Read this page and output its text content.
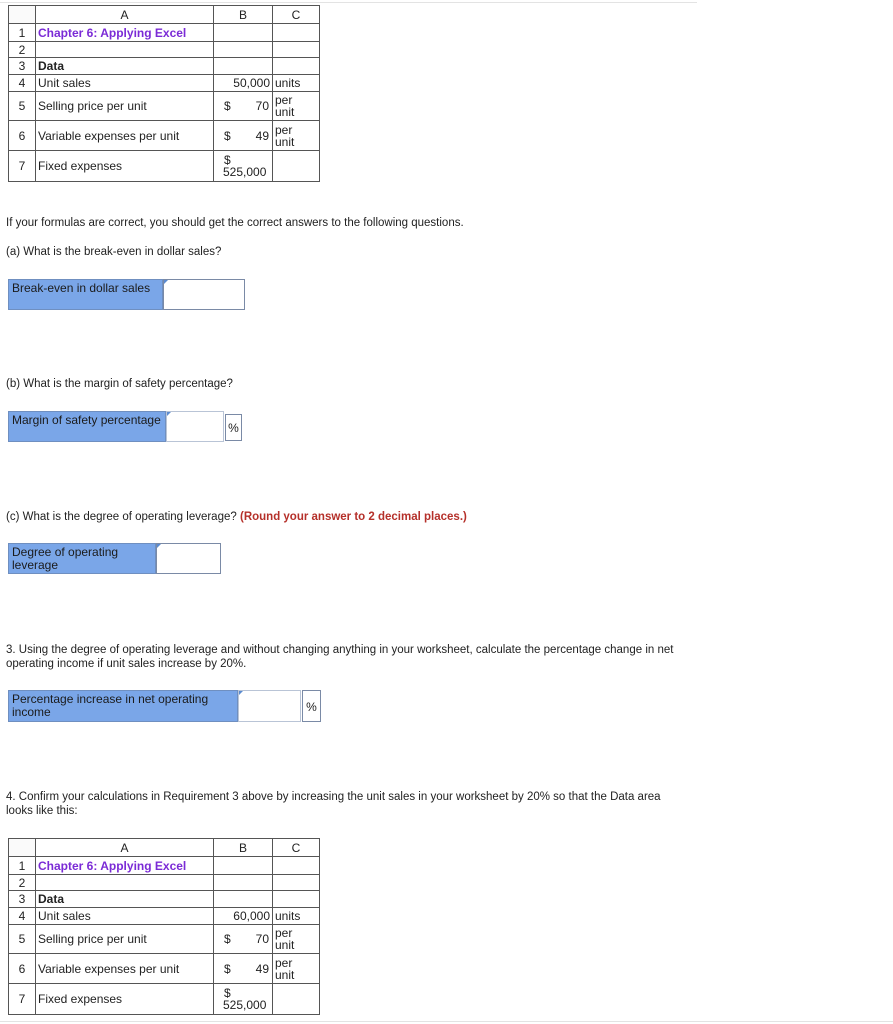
	A	B	C
1	Chapter 6: Applying Excel		
2			
3	Data		
4	Unit sales	50,000	units
5	Selling price per unit	$ 70	per
unit
6	Variable expenses per unit	$ 49	per
unit
7	Fixed expenses	$
525,000	

If your formulas are correct, you should get the correct answers to the following questions.
(a) What is the break-even in dollar sales?
Break-even in dollar sales
(b) What is the margin of safety percentage?
Margin of safety percentage
%
(c) What is the degree of operating leverage? (Round your answer to 2 decimal places.)
Degree of operating leverage
3. Using the degree of operating leverage and without changing anything in your worksheet, calculate the percentage change in net operating income if unit sales increase by 20%.
Percentage increase in net operating income	%
4. Confirm your calculations in Requirement 3 above by increasing the unit sales in your worksheet by 20% so that the Data area looks like this:
	A	B	C
1	Chapter 6: Applying Excel		
2			
3	Data		
4	Unit sales	60,000	units
5	Selling price per unit	$ 70	per
unit
6	Variable expenses per unit	$ 49	per
unit
7	Fixed expenses	$
525,000	
